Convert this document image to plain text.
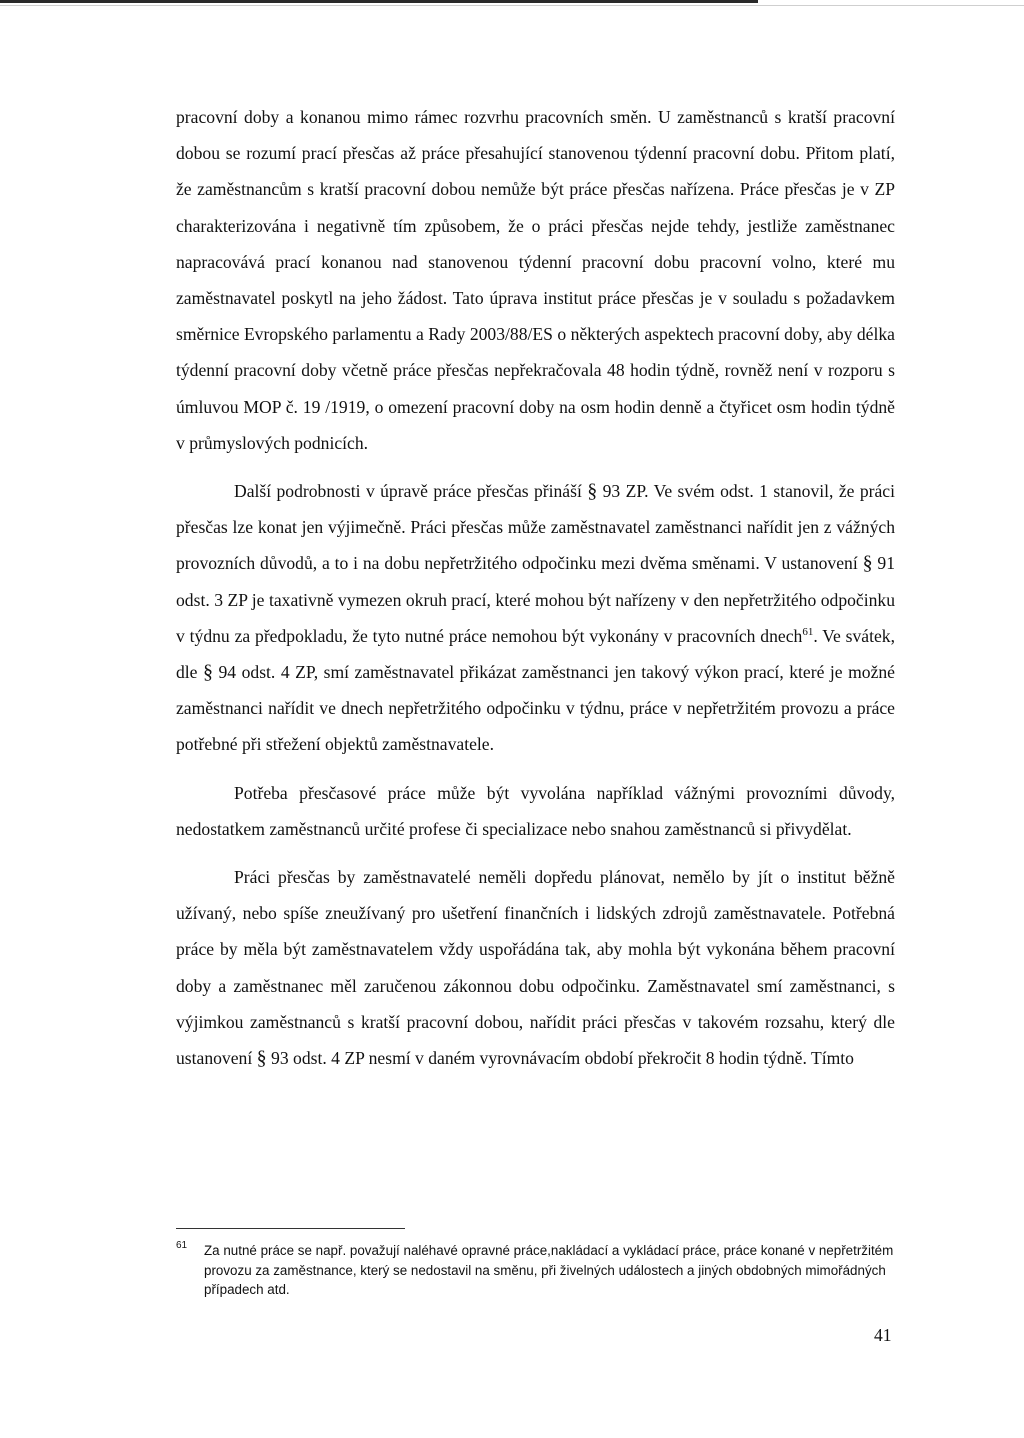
pracovní doby a konanou mimo rámec rozvrhu pracovních směn. U zaměstnanců s kratší pracovní dobou se rozumí prací přesčas až práce přesahující stanovenou týdenní pracovní dobu. Přitom platí, že zaměstnancům s kratší pracovní dobou nemůže být práce přesčas nařízena. Práce přesčas je v ZP charakterizována i negativně tím způsobem, že o práci přesčas nejde tehdy, jestliže zaměstnanec napracovává prací konanou nad stanovenou týdenní pracovní dobu pracovní volno, které mu zaměstnavatel poskytl na jeho žádost. Tato úprava institut práce přesčas je v souladu s požadavkem směrnice Evropského parlamentu a Rady 2003/88/ES o některých aspektech pracovní doby, aby délka týdenní pracovní doby včetně práce přesčas nepřekračovala 48 hodin týdně, rovněž není v rozporu s úmluvou MOP č. 19 /1919, o omezení pracovní doby na osm hodin denně a čtyřicet osm hodin týdně v průmyslových podnicích.

Další podrobnosti v úpravě práce přesčas přináší § 93 ZP. Ve svém odst. 1 stanovil, že práci přesčas lze konat jen výjimečně. Práci přesčas může zaměstnavatel zaměstnanci nařídit jen z vážných provozních důvodů, a to i na dobu nepřetržitého odpočinku mezi dvěma směnami. V ustanovení § 91 odst. 3 ZP je taxativně vymezen okruh prací, které mohou být nařízeny v den nepřetržitého odpočinku v týdnu za předpokladu, že tyto nutné práce nemohou být vykonány v pracovních dnech$^{61}$. Ve svátek, dle § 94 odst. 4 ZP, smí zaměstnavatel přikázat zaměstnanci jen takový výkon prací, které je možné zaměstnanci nařídit ve dnech nepřetržitého odpočinku v týdnu, práce v nepřetržitém provozu a práce potřebné při střežení objektů zaměstnavatele.

Potřeba přesčasové práce může být vyvolána například vážnými provozními důvody, nedostatkem zaměstnanců určité profese či specializace nebo snahou zaměstnanců si přivydělat.

Práci přesčas by zaměstnavatelé neměli dopředu plánovat, nemělo by jít o institut běžně užívaný, nebo spíše zneužívaný pro ušetření finančních i lidských zdrojů zaměstnavatele. Potřebná práce by měla být zaměstnavatelem vždy uspořádána tak, aby mohla být vykonána během pracovní doby a zaměstnanec měl zaručenou zákonnou dobu odpočinku. Zaměstnavatel smí zaměstnanci, s výjimkou zaměstnanců s kratší pracovní dobou, nařídit práci přesčas v takovém rozsahu, který dle ustanovení § 93 odst. 4 ZP nesmí v daném vyrovnávacím období překročit 8 hodin týdně. Tímto

61 Za nutné práce se např. považují naléhavé opravné práce,nakládací a vykládací práce, práce konané v nepřetržitém provozu za zaměstnance, který se nedostavil na směnu, při živelných událostech a jiných obdobných mimořádných případech atd.
41
